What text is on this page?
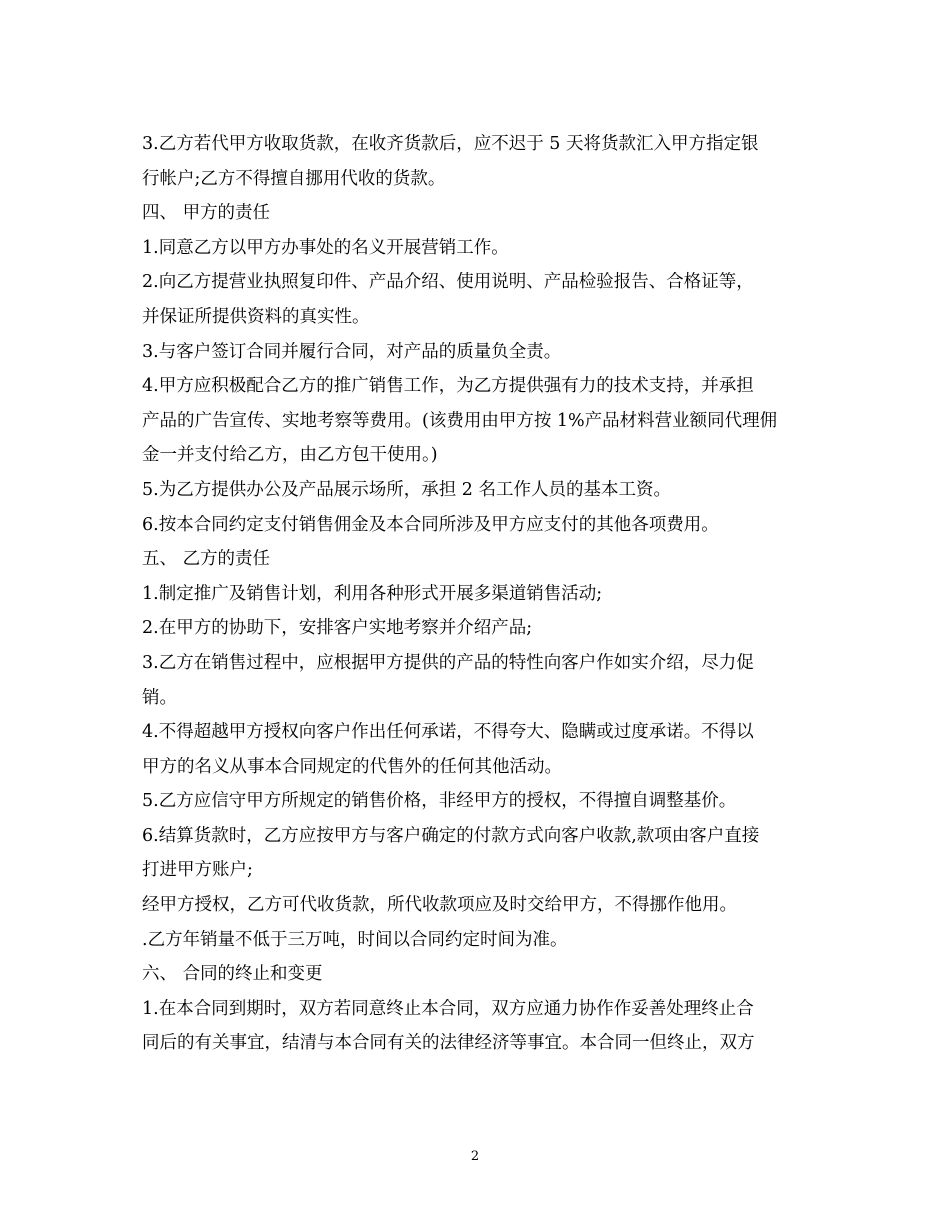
3.乙方若代甲方收取货款，在收齐货款后，应不迟于 5 天将货款汇入甲方指定银
行帐户;乙方不得擅自挪用代收的货款。
四、 甲方的责任
1.同意乙方以甲方办事处的名义开展营销工作。
2.向乙方提营业执照复印件、产品介绍、使用说明、产品检验报告、合格证等，
并保证所提供资料的真实性。
3.与客户签订合同并履行合同，对产品的质量负全责。
4.甲方应积极配合乙方的推广销售工作，为乙方提供强有力的技术支持，并承担
产品的广告宣传、实地考察等费用。(该费用由甲方按 1%产品材料营业额同代理佣
金一并支付给乙方，由乙方包干使用。)
5.为乙方提供办公及产品展示场所，承担 2 名工作人员的基本工资。
6.按本合同约定支付销售佣金及本合同所涉及甲方应支付的其他各项费用。
五、 乙方的责任
1.制定推广及销售计划，利用各种形式开展多渠道销售活动;
2.在甲方的协助下，安排客户实地考察并介绍产品;
3.乙方在销售过程中，应根据甲方提供的产品的特性向客户作如实介绍，尽力促
销。
4.不得超越甲方授权向客户作出任何承诺，不得夸大、隐瞒或过度承诺。不得以
甲方的名义从事本合同规定的代售外的任何其他活动。
5.乙方应信守甲方所规定的销售价格，非经甲方的授权，不得擅自调整基价。
6.结算货款时，乙方应按甲方与客户确定的付款方式向客户收款,款项由客户直接
打进甲方账户;
经甲方授权，乙方可代收货款，所代收款项应及时交给甲方，不得挪作他用。
.乙方年销量不低于三万吨，时间以合同约定时间为准。
六、 合同的终止和变更
1.在本合同到期时，双方若同意终止本合同，双方应通力协作作妥善处理终止合
同后的有关事宜，结清与本合同有关的法律经济等事宜。本合同一但终止，双方
2
